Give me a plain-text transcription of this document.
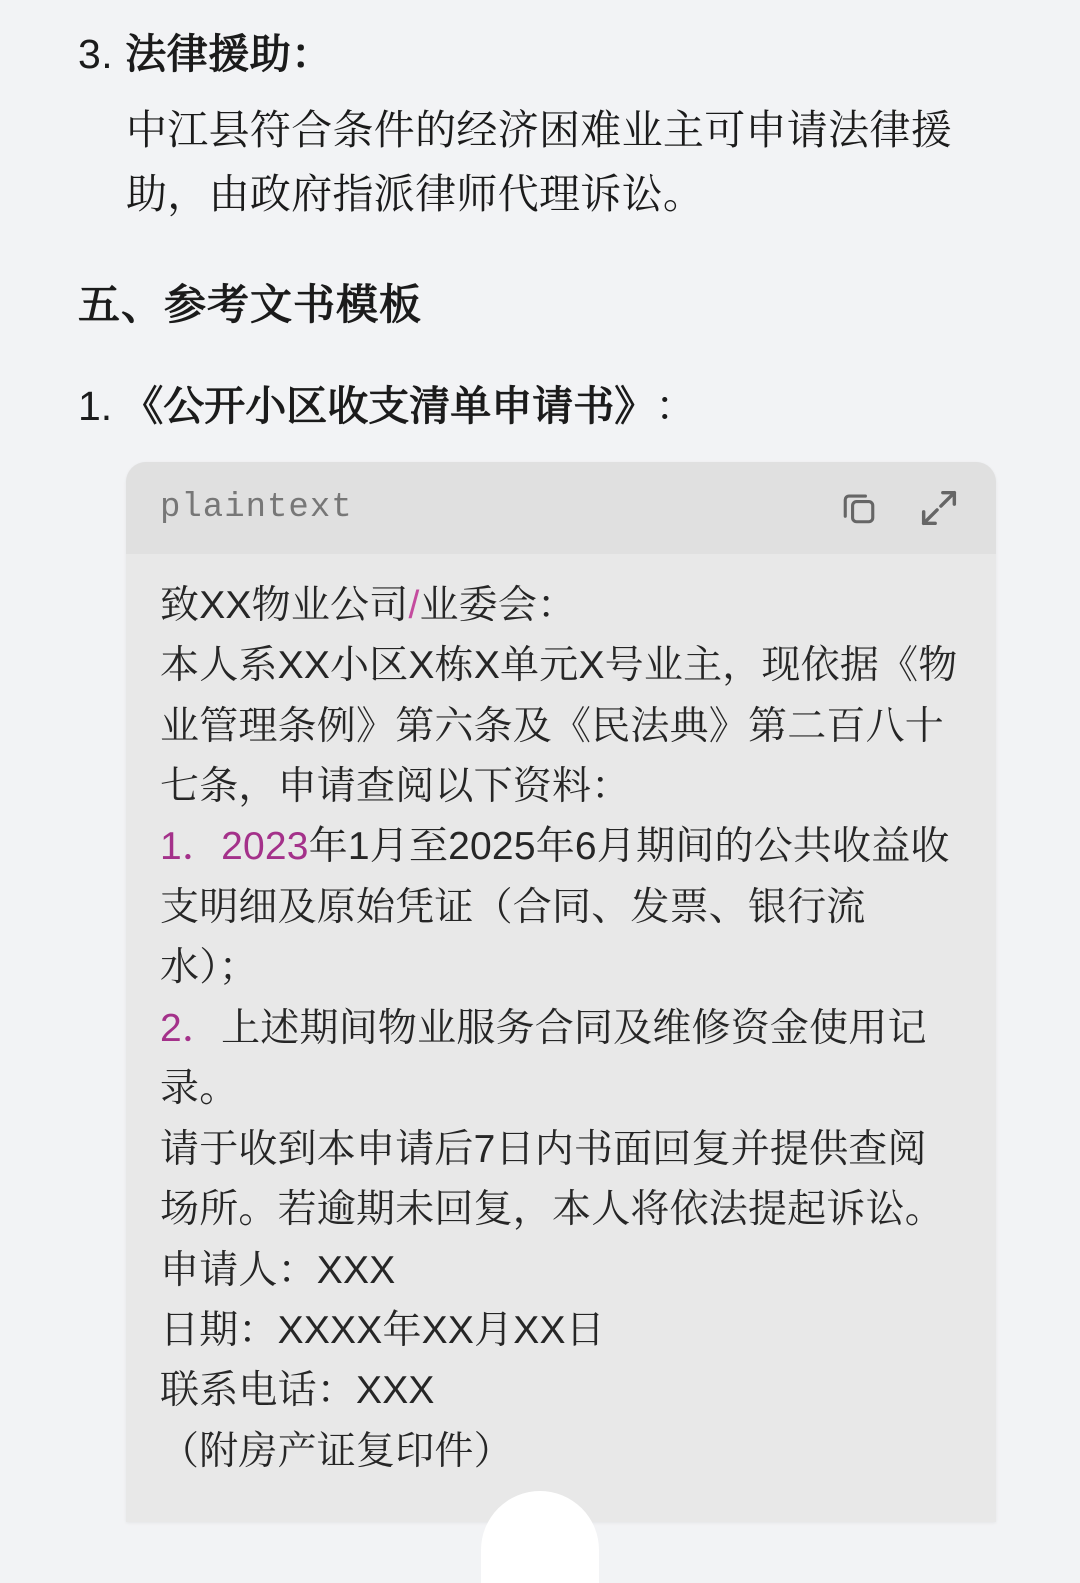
3. 法律援助：
中江县符合条件的经济困难业主可申请法律援助，由政府指派律师代理诉讼。
五、参考文书模板
1. 《公开小区收支清单申请书》 ：
plaintext
致XX物业公司/业委会：
本人系XX小区X栋X单元X号业主，现依据《物业管理条例》第六条及《民法典》第二百八十七条，申请查阅以下资料：
1．2023年1月至2025年6月期间的公共收益收支明细及原始凭证（合同、发票、银行流水）；
2．上述期间物业服务合同及维修资金使用记录。
请于收到本申请后7日内书面回复并提供查阅场所。若逾期未回复，本人将依法提起诉讼。
申请人：XXX
日期：XXXX年XX月XX日
联系电话：XXX
（附房产证复印件）
